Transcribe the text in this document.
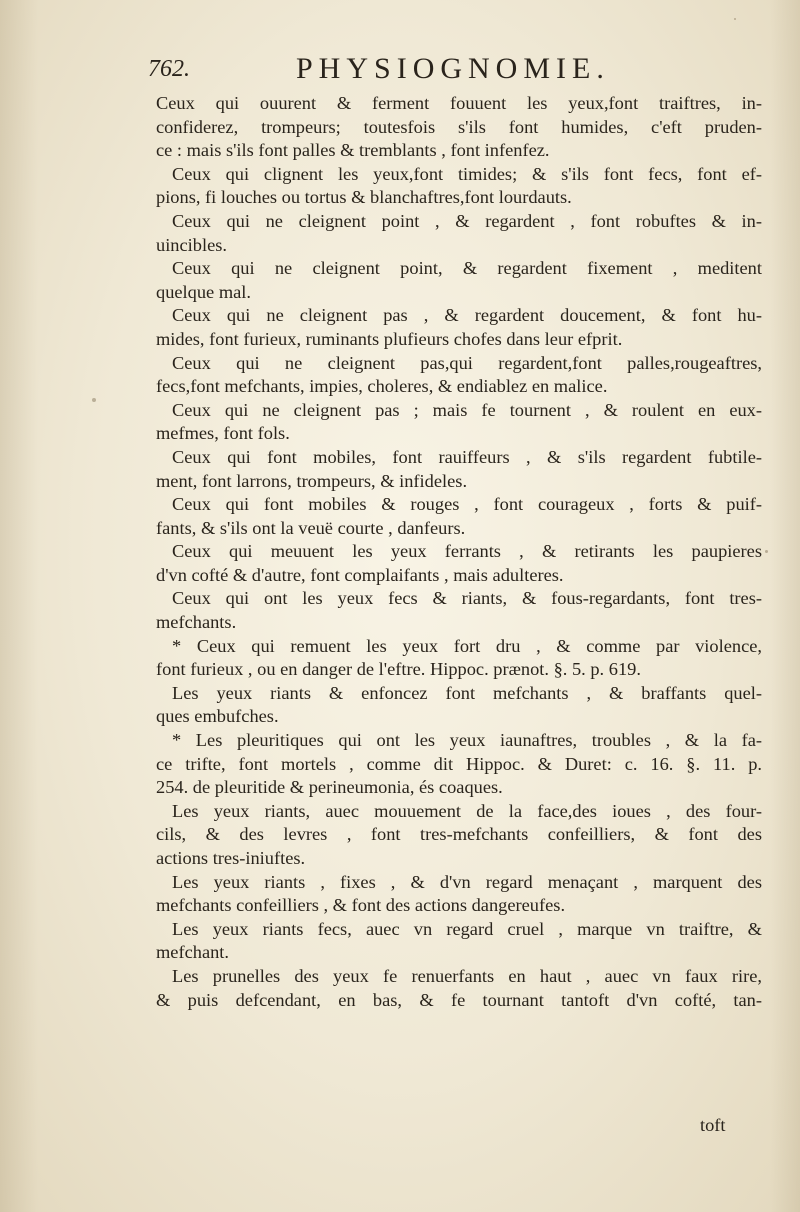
762.	PHYSIOGNOMIE.
Ceux qui ouurent & ferment fouuent les yeux,font traiftres, in-
confiderez, trompeurs; toutesfois s'ils font humides, c'eft pruden-
ce : mais s'ils font palles & tremblants , font infenfez.
Ceux qui clignent les yeux,font timides; & s'ils font fecs, font ef-
pions, fi louches ou tortus & blanchaftres,font lourdauts.
Ceux qui ne cleignent point , & regardent , font robuftes & in-
uincibles.
Ceux qui ne cleignent point, & regardent fixement , meditent
quelque mal.
Ceux qui ne cleignent pas , & regardent doucement, & font hu-
mides, font furieux, ruminants plufieurs chofes dans leur efprit.
Ceux qui ne cleignent pas,qui regardent,font palles,rougeaftres,
fecs,font mefchants, impies, choleres, & endiablez en malice.
Ceux qui ne cleignent pas ; mais fe tournent , & roulent en eux-
mefmes, font fols.
Ceux qui font mobiles, font rauiffeurs , & s'ils regardent fubtile-
ment, font larrons, trompeurs, & infideles.
Ceux qui font mobiles & rouges , font courageux , forts & puif-
fants, & s'ils ont la veuë courte , danfeurs.
Ceux qui meuuent les yeux ferrants , & retirants les paupieres
d'vn cofté & d'autre, font complaifants , mais adulteres.
Ceux qui ont les yeux fecs & riants, & fous-regardants, font tres-
mefchants.
* Ceux qui remuent les yeux fort dru , & comme par violence,
font furieux , ou en danger de l'eftre. Hippoc. prænot. §. 5. p. 619.
Les yeux riants & enfoncez font mefchants , & braffants quel-
ques embufches.
* Les pleuritiques qui ont les yeux iaunaftres, troubles , & la fa-
ce trifte, font mortels , comme dit Hippoc. & Duret: c. 16. §. 11. p.
254. de pleuritide & perineumonia, és coaques.
Les yeux riants, auec mouuement de la face,des ioues , des four-
cils, & des levres , font tres-mefchants confeilliers, & font des
actions tres-iniuftes.
Les yeux riants , fixes , & d'vn regard menaçant , marquent des
mefchants confeilliers , & font des actions dangereufes.
Les yeux riants fecs, auec vn regard cruel , marque vn traiftre, &
mefchant.
Les prunelles des yeux fe renuerfants en haut , auec vn faux rire,
& puis defcendant, en bas, & fe tournant tantoft d'vn cofté, tan-
toft
